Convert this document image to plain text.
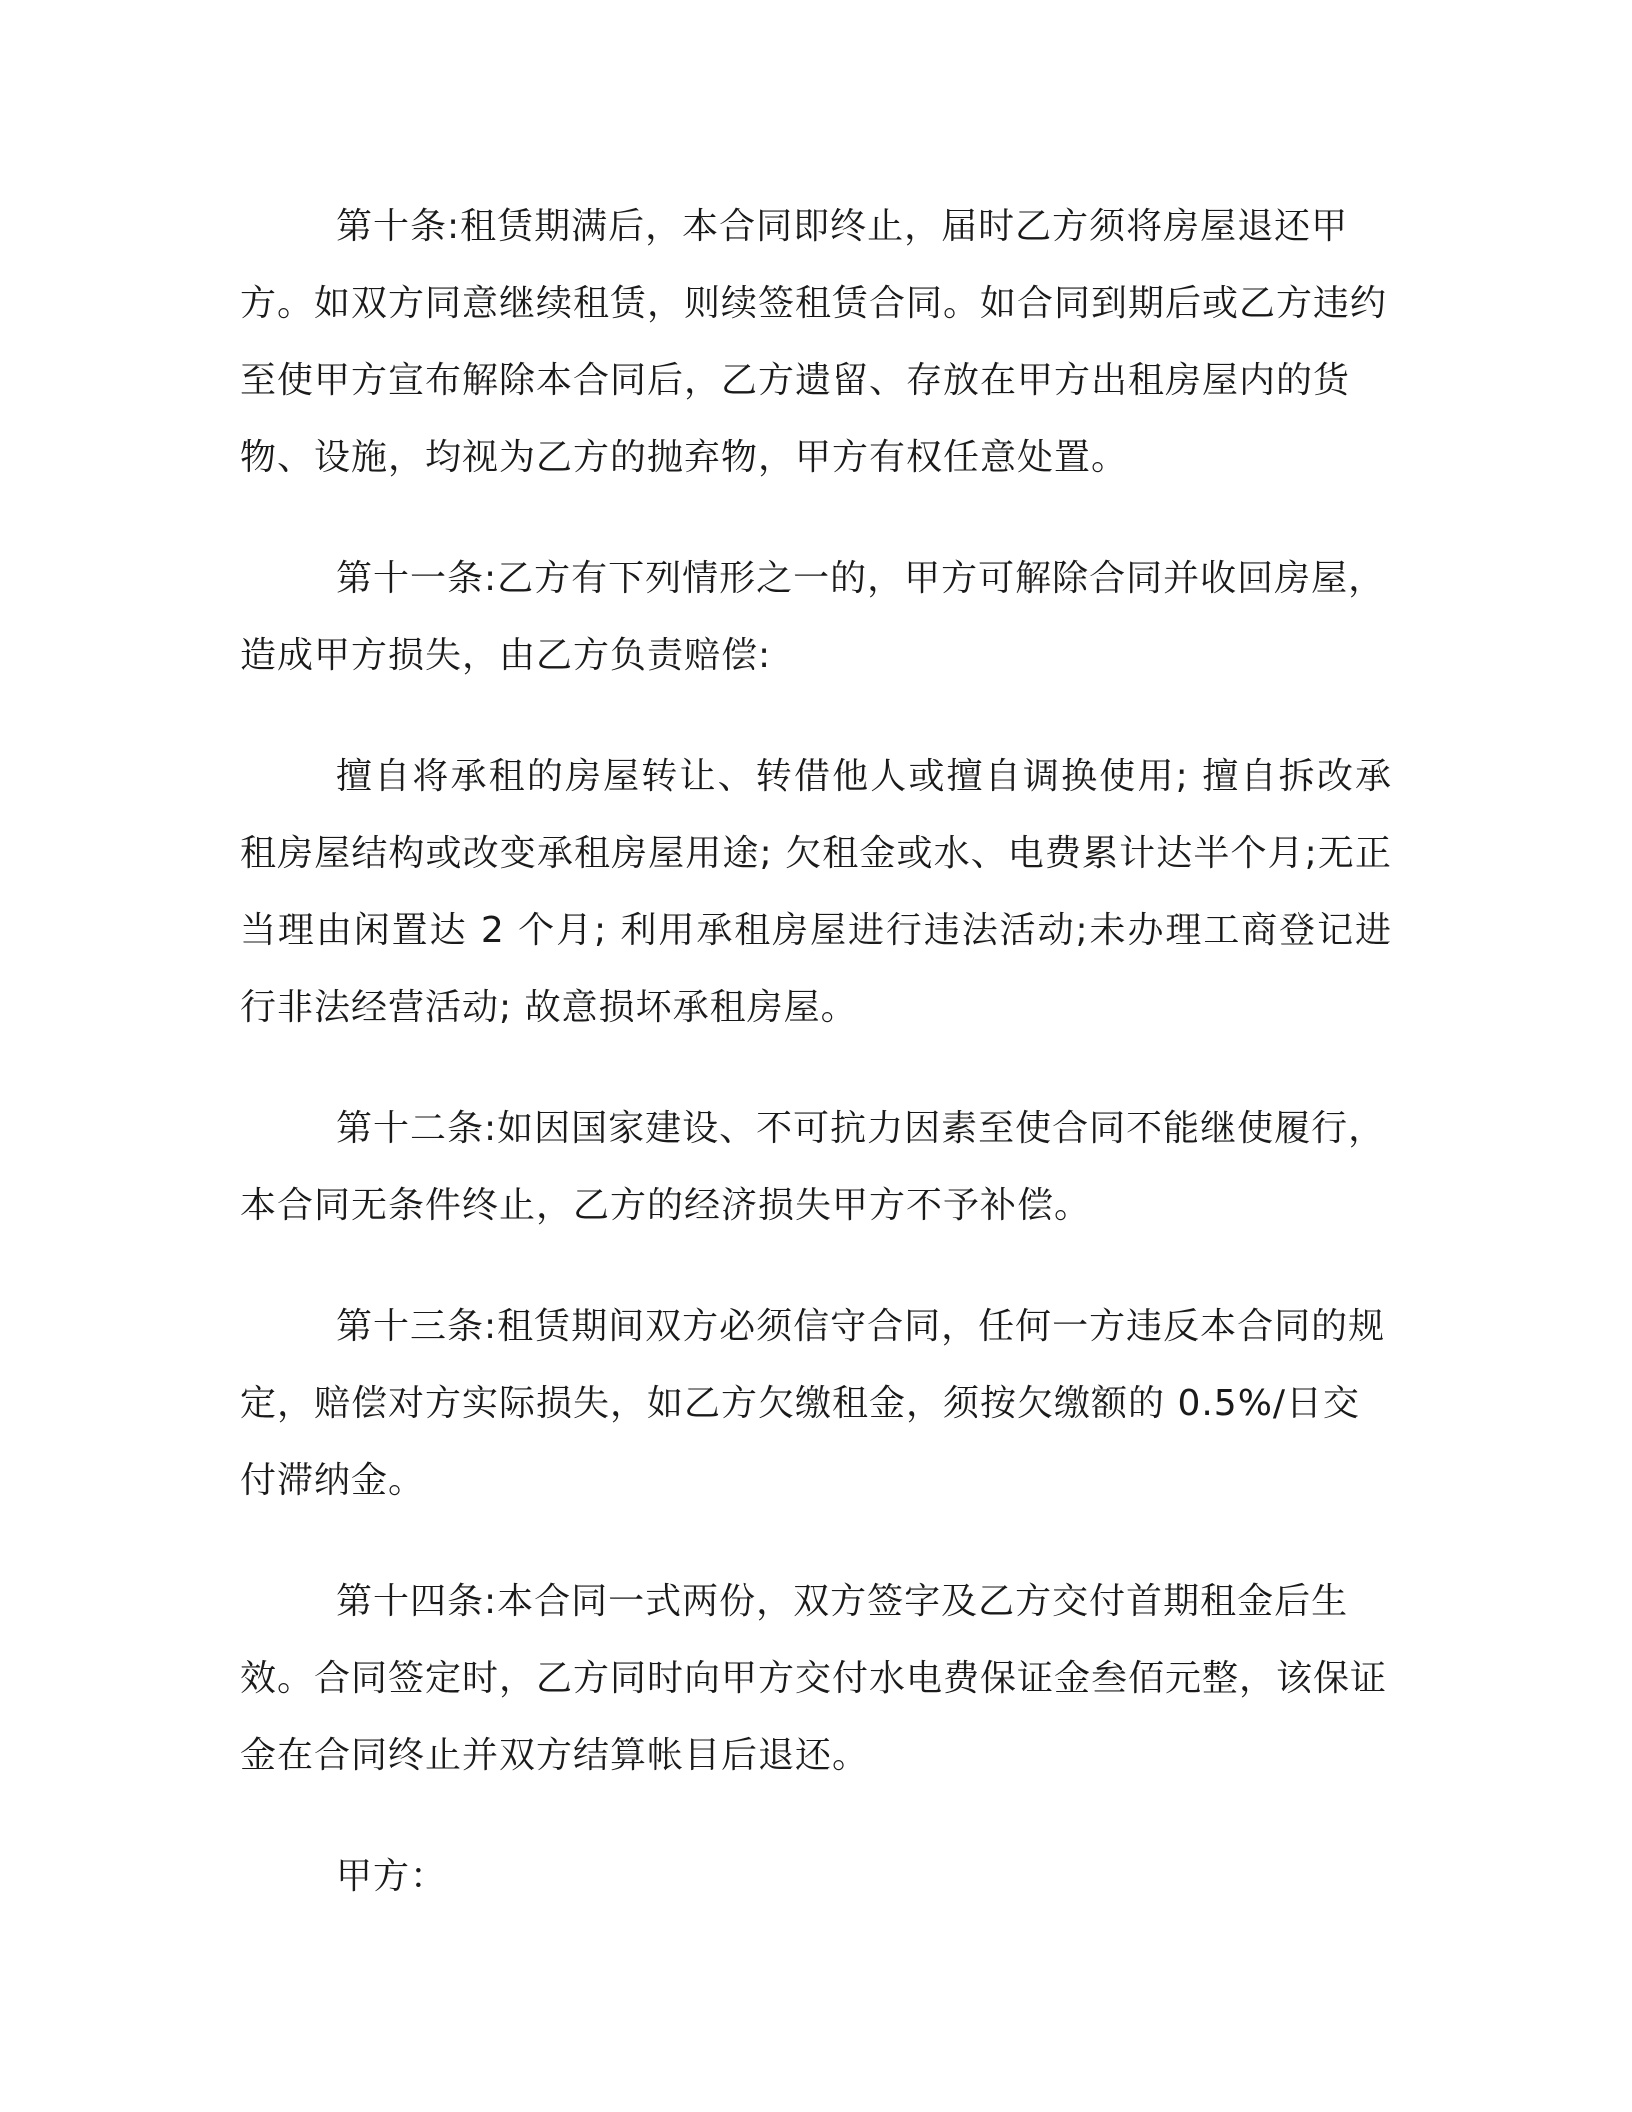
第十条:租赁期满后，本合同即终止，届时乙方须将房屋退还甲方。如双方同意继续租赁，则续签租赁合同。如合同到期后或乙方违约至使甲方宣布解除本合同后，乙方遗留、存放在甲方出租房屋内的货物、设施，均视为乙方的抛弃物，甲方有权任意处置。

第十一条:乙方有下列情形之一的，甲方可解除合同并收回房屋，造成甲方损失，由乙方负责赔偿:

擅自将承租的房屋转让、转借他人或擅自调换使用; 擅自拆改承租房屋结构或改变承租房屋用途; 欠租金或水、电费累计达半个月;无正当理由闲置达 2 个月; 利用承租房屋进行违法活动;未办理工商登记进行非法经营活动; 故意损坏承租房屋。

第十二条:如因国家建设、不可抗力因素至使合同不能继使履行，本合同无条件终止，乙方的经济损失甲方不予补偿。

第十三条:租赁期间双方必须信守合同，任何一方违反本合同的规定，赔偿对方实际损失，如乙方欠缴租金，须按欠缴额的 0.5%/日交付滞纳金。

第十四条:本合同一式两份，双方签字及乙方交付首期租金后生效。合同签定时，乙方同时向甲方交付水电费保证金叁佰元整，该保证金在合同终止并双方结算帐目后退还。

甲方：
